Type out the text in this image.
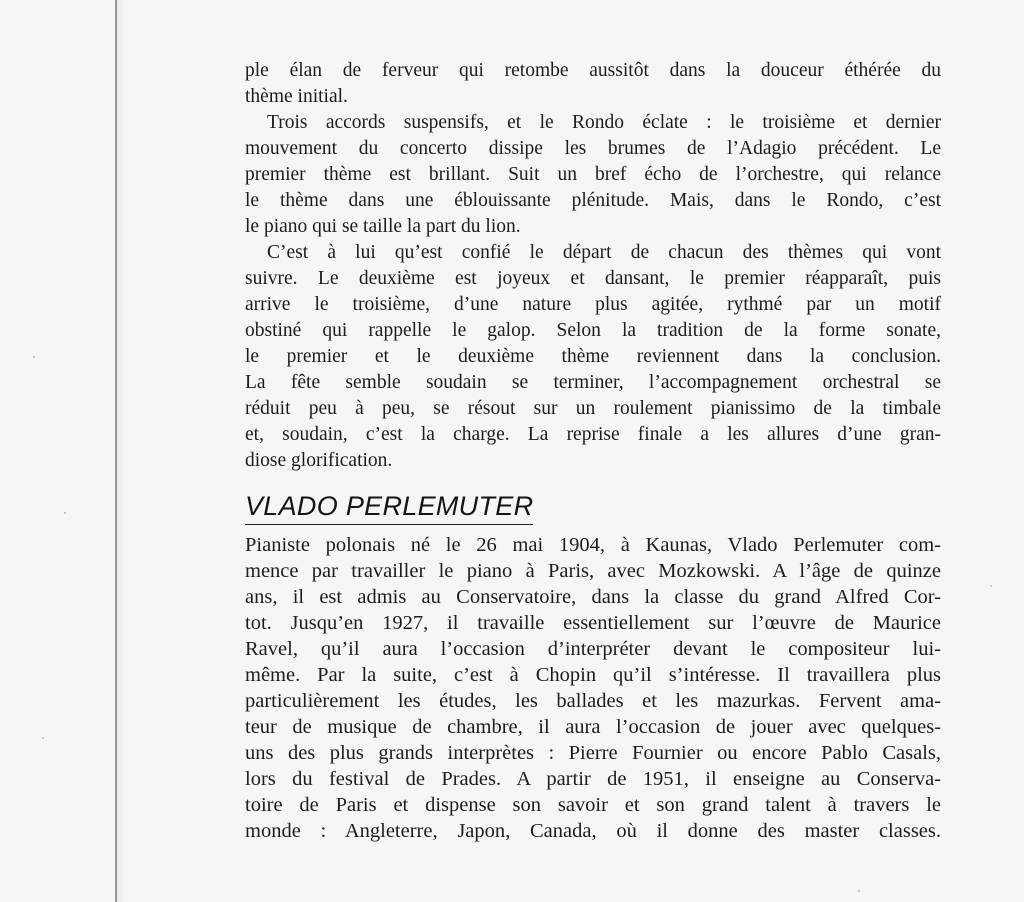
ple élan de ferveur qui retombe aussitôt dans la douceur éthérée du
thème initial.
Trois accords suspensifs, et le Rondo éclate : le troisième et dernier
mouvement du concerto dissipe les brumes de l’Adagio précédent. Le
premier thème est brillant. Suit un bref écho de l’orchestre, qui relance
le thème dans une éblouissante plénitude. Mais, dans le Rondo, c’est
le piano qui se taille la part du lion.
C’est à lui qu’est confié le départ de chacun des thèmes qui vont
suivre. Le deuxième est joyeux et dansant, le premier réapparaît, puis
arrive le troisième, d’une nature plus agitée, rythmé par un motif
obstiné qui rappelle le galop. Selon la tradition de la forme sonate,
le premier et le deuxième thème reviennent dans la conclusion.
La fête semble soudain se terminer, l’accompagnement orchestral se
réduit peu à peu, se résout sur un roulement pianissimo de la timbale
et, soudain, c’est la charge. La reprise finale a les allures d’une gran-
diose glorification.
VLADO PERLEMUTER
Pianiste polonais né le 26 mai 1904, à Kaunas, Vlado Perlemuter com-
mence par travailler le piano à Paris, avec Mozkowski. A l’âge de quinze
ans, il est admis au Conservatoire, dans la classe du grand Alfred Cor-
tot. Jusqu’en 1927, il travaille essentiellement sur l’œuvre de Maurice
Ravel, qu’il aura l’occasion d’interpréter devant le compositeur lui-
même. Par la suite, c’est à Chopin qu’il s’intéresse. Il travaillera plus
particulièrement les études, les ballades et les mazurkas. Fervent ama-
teur de musique de chambre, il aura l’occasion de jouer avec quelques-
uns des plus grands interprètes : Pierre Fournier ou encore Pablo Casals,
lors du festival de Prades. A partir de 1951, il enseigne au Conserva-
toire de Paris et dispense son savoir et son grand talent à travers le
monde : Angleterre, Japon, Canada, où il donne des master classes.
